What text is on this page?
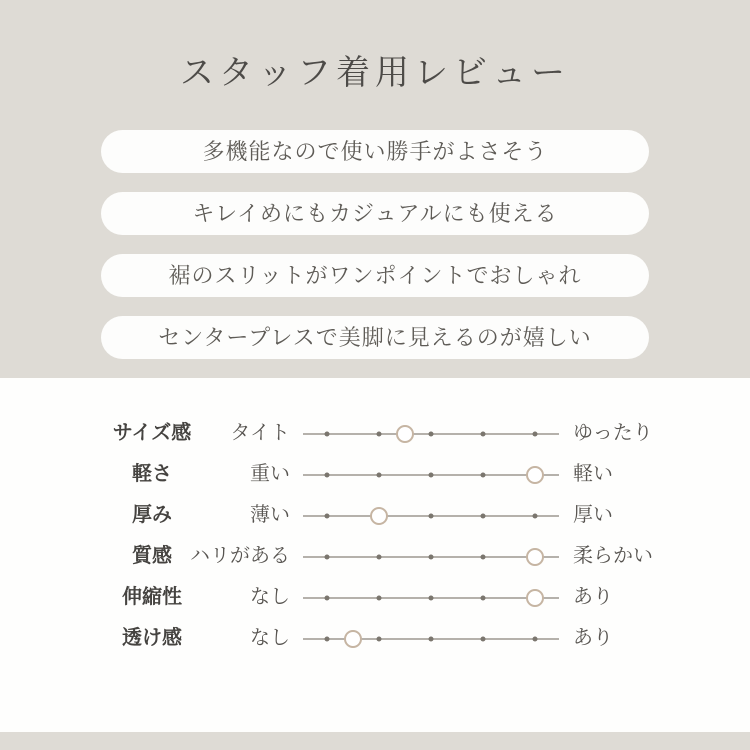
スタッフ着用レビュー
多機能なので使い勝手がよさそう
キレイめにもカジュアルにも使える
裾のスリットがワンポイントでおしゃれ
センタープレスで美脚に見えるのが嬉しい
サイズ感	タイト	ゆったり
軽さ	重い	軽い
厚み	薄い	厚い
質感 ハリがある	柔らかい
伸縮性	なし	あり
透け感	なし	あり
